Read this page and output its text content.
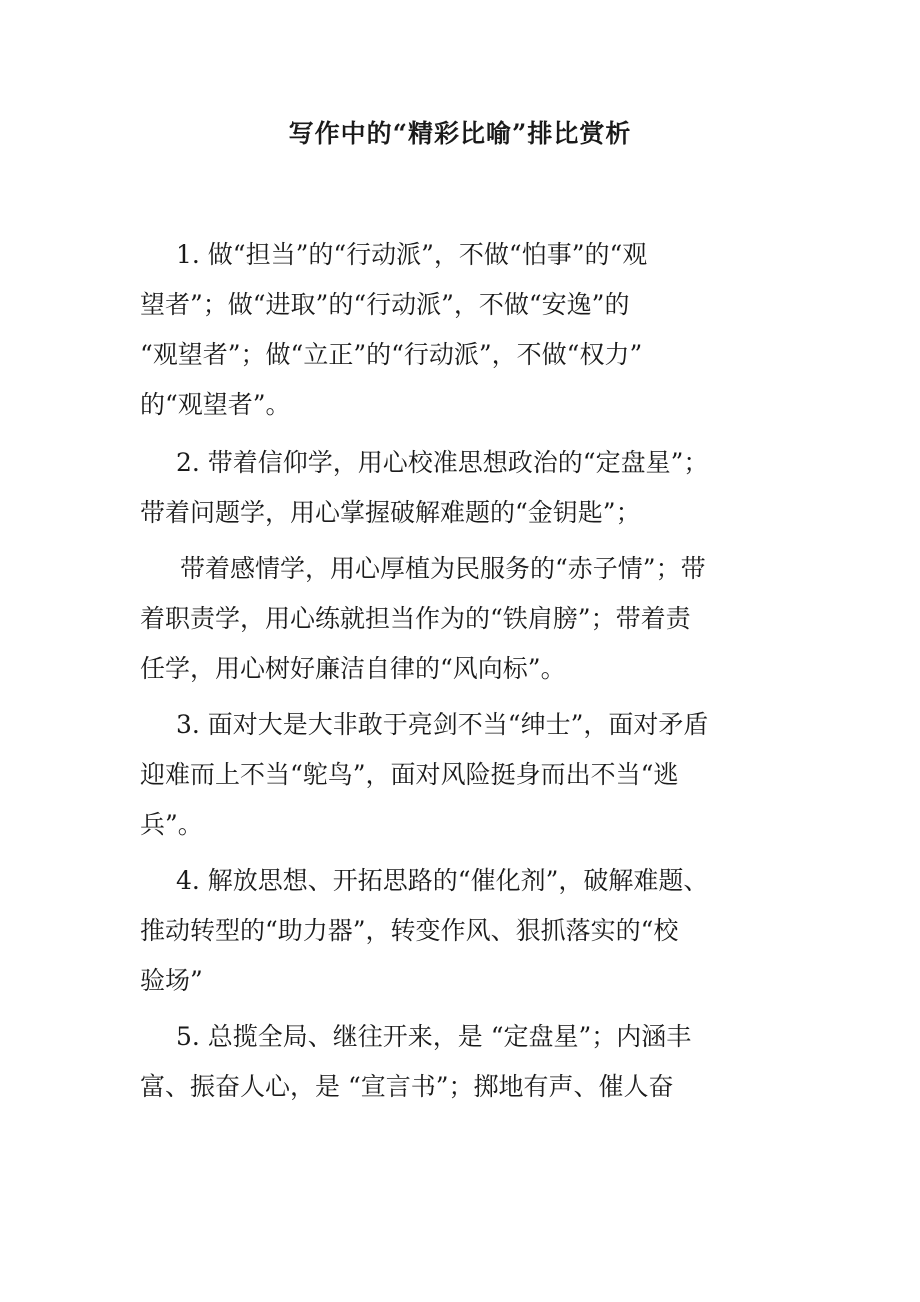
写作中的“精彩比喻”排比赏析
1. 做“担当”的“行动派”，不做“怕事”的“观
望者”；做“进取”的“行动派”，不做“安逸”的
“观望者”；做“立正”的“行动派”，不做“权力”
的“观望者”。
2. 带着信仰学，用心校准思想政治的“定盘星”；
带着问题学，用心掌握破解难题的“金钥匙”；
带着感情学，用心厚植为民服务的“赤子情”；带
着职责学，用心练就担当作为的“铁肩膀”；带着责
任学，用心树好廉洁自律的“风向标”。
3. 面对大是大非敢于亮剑不当“绅士”，面对矛盾
迎难而上不当“鸵鸟”，面对风险挺身而出不当“逃
兵”。
4. 解放思想、开拓思路的“催化剂”，破解难题、
推动转型的“助力器”，转变作风、狠抓落实的“校
验场”
5. 总揽全局、继往开来，是 “定盘星”；内涵丰
富、振奋人心，是 “宣言书”；掷地有声、催人奋
